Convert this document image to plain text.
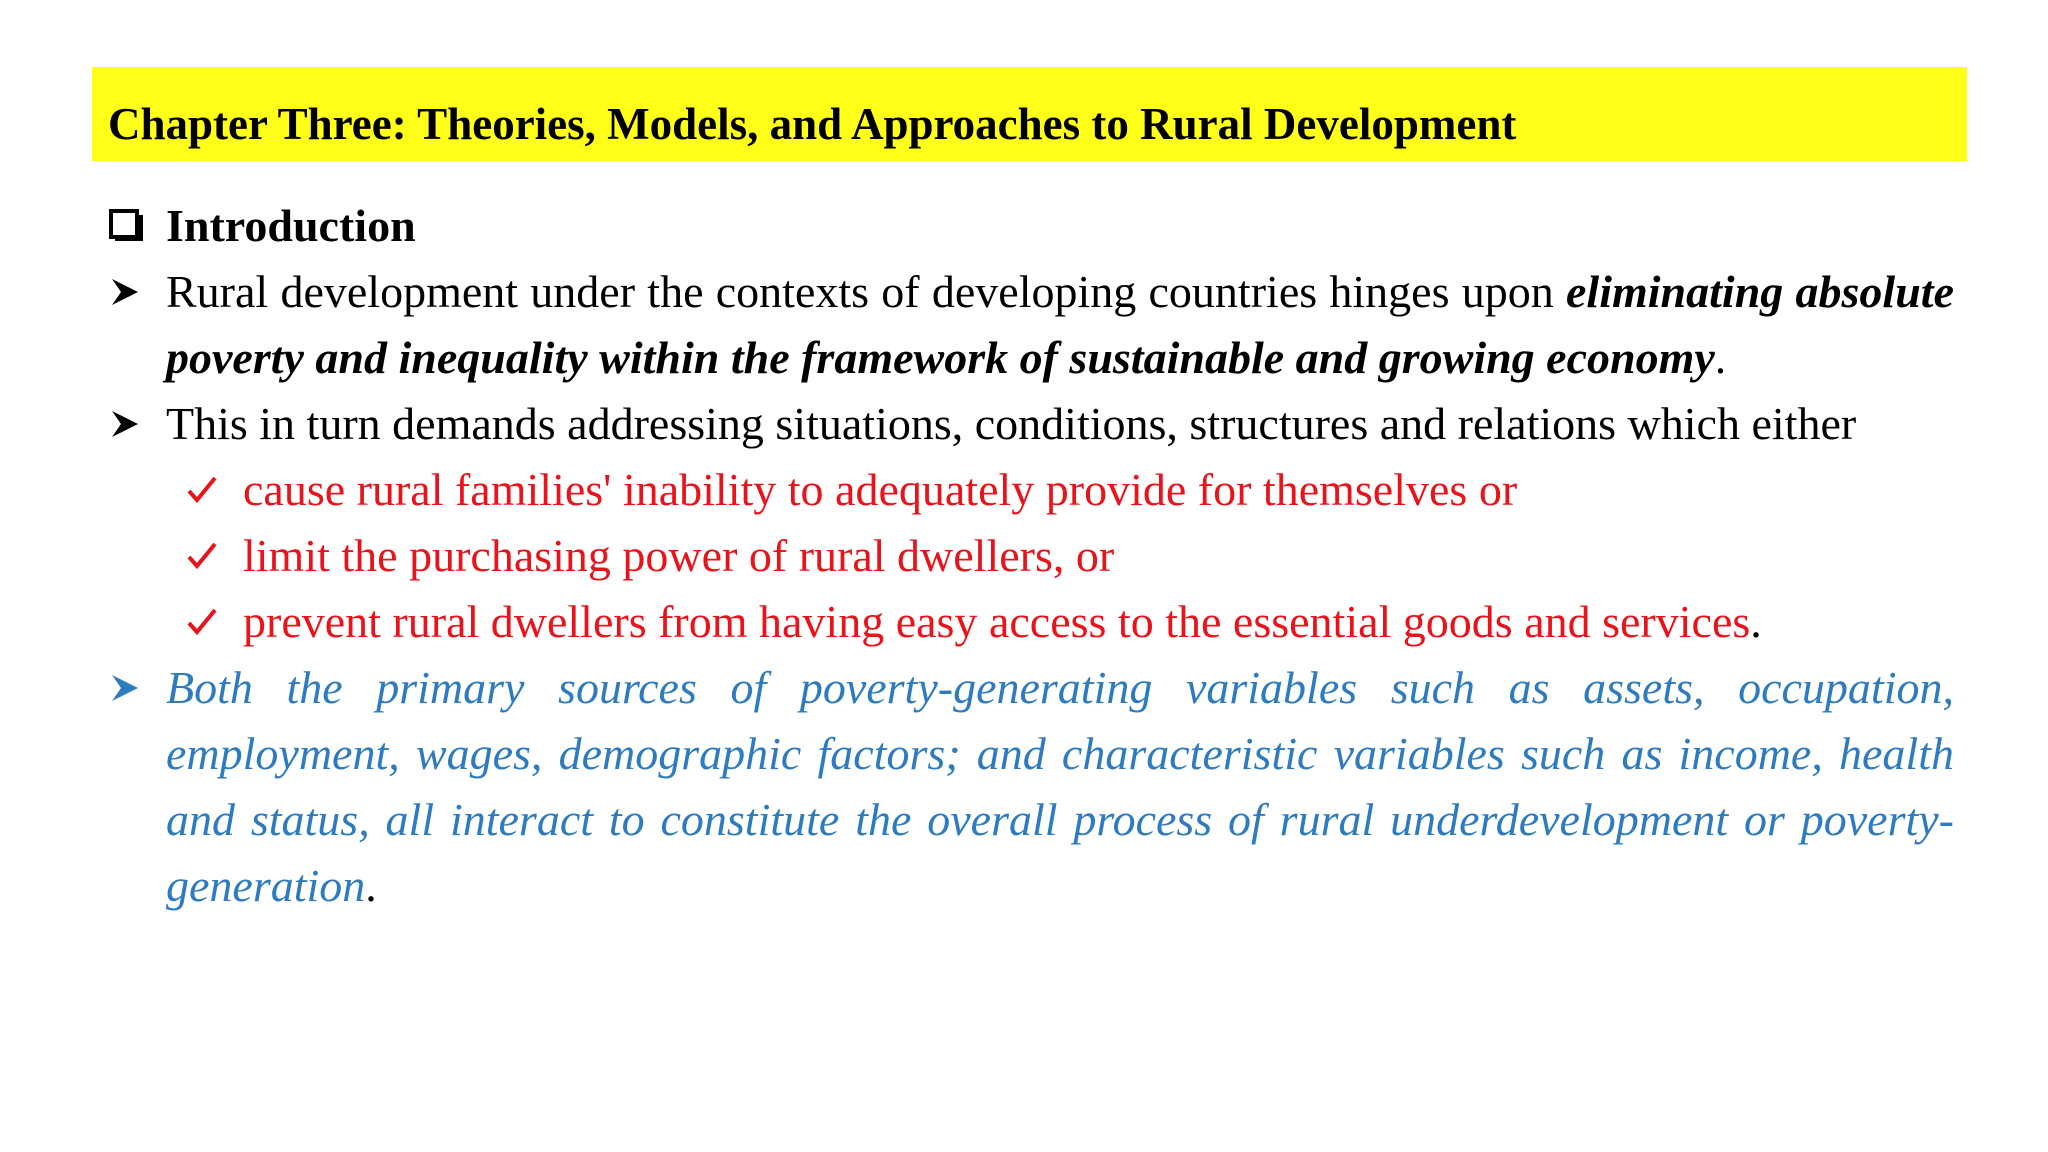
Chapter Three: Theories, Models, and Approaches to Rural Development
Introduction
Rural development under the contexts of developing countries hinges upon eliminating absolute poverty and inequality within the framework of sustainable and growing economy.
This in turn demands addressing situations, conditions, structures and relations which either
cause rural families' inability to adequately provide for themselves or
limit the purchasing power of rural dwellers, or
prevent rural dwellers from having easy access to the essential goods and services.
Both the primary sources of poverty-generating variables such as assets, occupation, employment, wages, demographic factors; and characteristic variables such as income, health and status, all interact to constitute the overall process of rural underdevelopment or poverty-generation.
